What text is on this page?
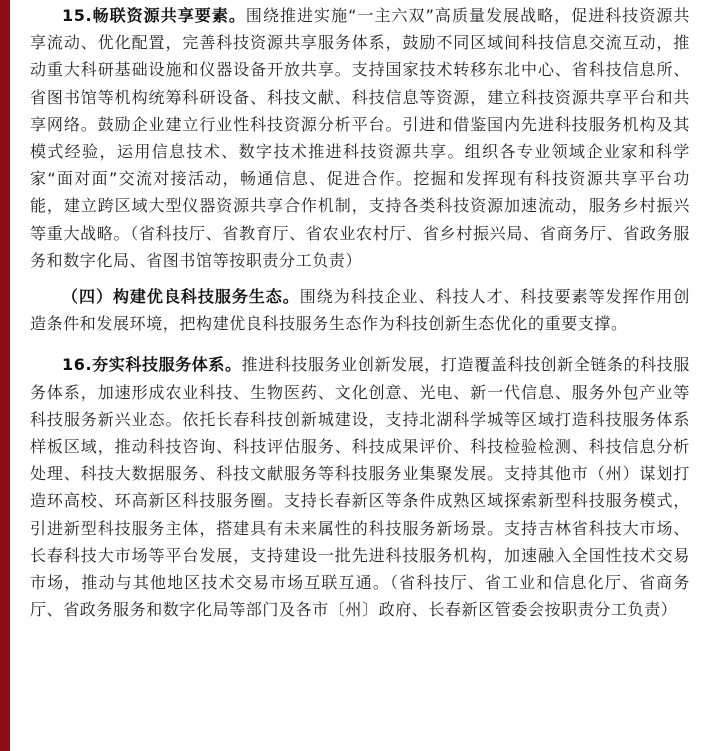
15.畅联资源共享要素。围绕推进实施“一主六双”高质量发展战略，促进科技资源共享流动、优化配置，完善科技资源共享服务体系，鼓励不同区域间科技信息交流互动，推动重大科研基础设施和仪器设备开放共享。支持国家技术转移东北中心、省科技信息所、省图书馆等机构统筹科研设备、科技文献、科技信息等资源，建立科技资源共享平台和共享网络。鼓励企业建立行业性科技资源分析平台。引进和借鉴国内先进科技服务机构及其模式经验，运用信息技术、数字技术推进科技资源共享。组织各专业领域企业家和科学家“面对面”交流对接活动，畅通信息、促进合作。挖掘和发挥现有科技资源共享平台功能，建立跨区域大型仪器资源共享合作机制，支持各类科技资源加速流动，服务乡村振兴等重大战略。（省科技厅、省教育厅、省农业农村厅、省乡村振兴局、省商务厅、省政务服务和数字化局、省图书馆等按职责分工负责）

（四）构建优良科技服务生态。围绕为科技企业、科技人才、科技要素等发挥作用创造条件和发展环境，把构建优良科技服务生态作为科技创新生态优化的重要支撑。

16.夯实科技服务体系。推进科技服务业创新发展，打造覆盖科技创新全链条的科技服务体系，加速形成农业科技、生物医药、文化创意、光电、新一代信息、服务外包产业等科技服务新兴业态。依托长春科技创新城建设，支持北湖科学城等区域打造科技服务体系样板区域，推动科技咨询、科技评估服务、科技成果评价、科技检验检测、科技信息分析处理、科技大数据服务、科技文献服务等科技服务业集聚发展。支持其他市（州）谋划打造环高校、环高新区科技服务圈。支持长春新区等条件成熟区域探索新型科技服务模式，引进新型科技服务主体，搭建具有未来属性的科技服务新场景。支持吉林省科技大市场、长春科技大市场等平台发展，支持建设一批先进科技服务机构，加速融入全国性技术交易市场，推动与其他地区技术交易市场互联互通。（省科技厅、省工业和信息化厅、省商务厅、省政务服务和数字化局等部门及各市〔州〕政府、长春新区管委会按职责分工负责）
